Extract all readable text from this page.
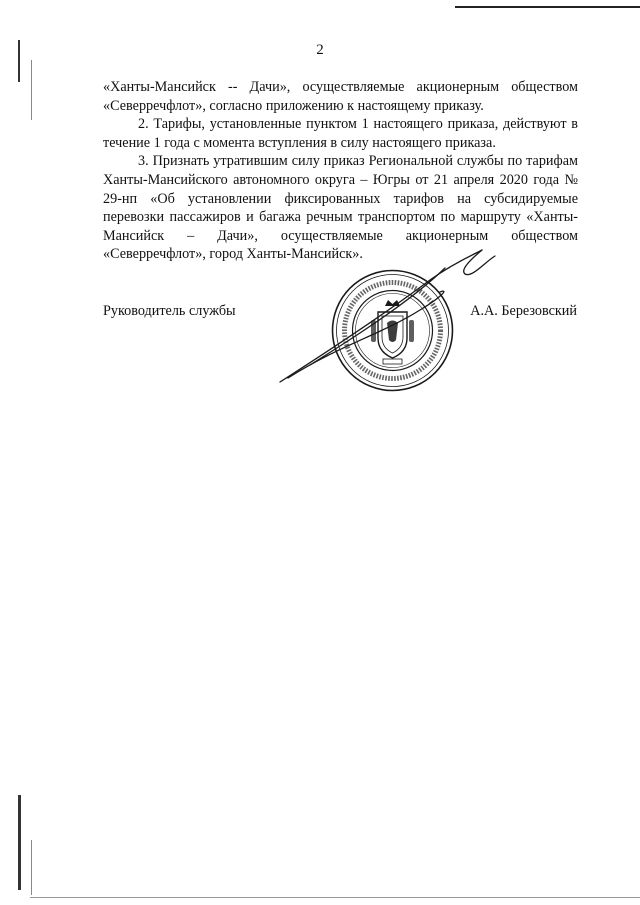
2

«Ханты-Мансийск -- Дачи», осуществляемые акционерным обществом «Северречфлот», согласно приложению к настоящему приказу.

2. Тарифы, установленные пунктом 1 настоящего приказа, действуют в течение 1 года с момента вступления в силу настоящего приказа.

3. Признать утратившим силу приказ Региональной службы по тарифам Ханты-Мансийского автономного округа – Югры от 21 апреля 2020 года № 29-нп «Об установлении фиксированных тарифов на субсидируемые перевозки пассажиров и багажа речным транспортом по маршруту «Ханты-Мансийск – Дачи», осуществляемые акционерным обществом «Северречфлот», город Ханты-Мансийск».

Руководитель службы	А.А. Березовский
